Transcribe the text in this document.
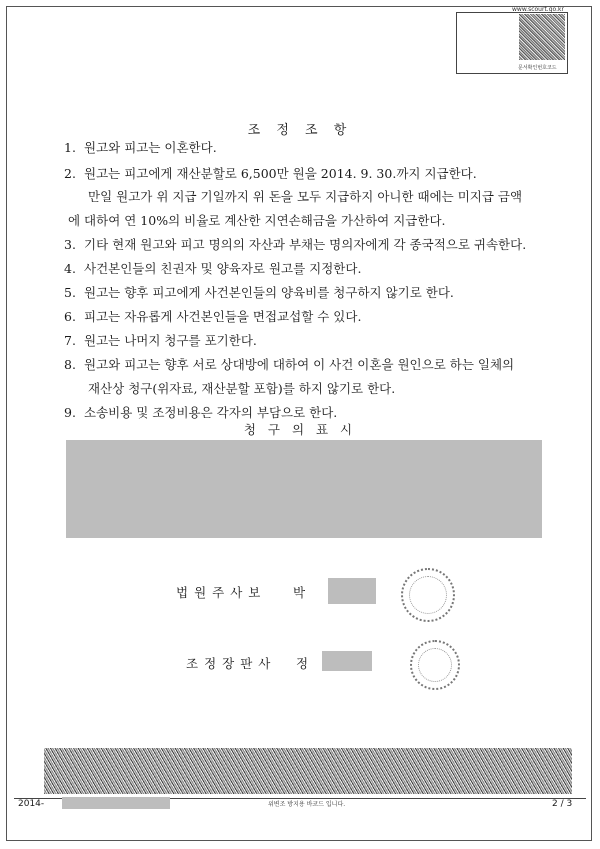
www.scourt.go.kr
문서확인번호코드
조 정 조 항
1. 원고와 피고는 이혼한다.
2. 원고는 피고에게 재산분할로 6,500만 원을 2014. 9. 30.까지 지급한다.
만일 원고가 위 지급 기일까지 위 돈을 모두 지급하지 아니한 때에는 미지급 금액
에 대하여 연 10%의 비율로 계산한 지연손해금을 가산하여 지급한다.
3. 기타 현재 원고와 피고 명의의 자산과 부채는 명의자에게 각 종국적으로 귀속한다.
4. 사건본인들의 친권자 및 양육자로 원고를 지정한다.
5. 원고는 향후 피고에게 사건본인들의 양육비를 청구하지 않기로 한다.
6. 피고는 자유롭게 사건본인들을 면접교섭할 수 있다.
7. 원고는 나머지 청구를 포기한다.
8. 원고와 피고는 향후 서로 상대방에 대하여 이 사건 이혼을 원인으로 하는 일체의
재산상 청구(위자료, 재산분할 포함)를 하지 않기로 한다.
9. 소송비용 및 조정비용은 각자의 부담으로 한다.
청 구 의 표 시
법원주사보 박
조정장판사 정
2014-	위변조 방지용 바코드 입니다.	2 / 3
